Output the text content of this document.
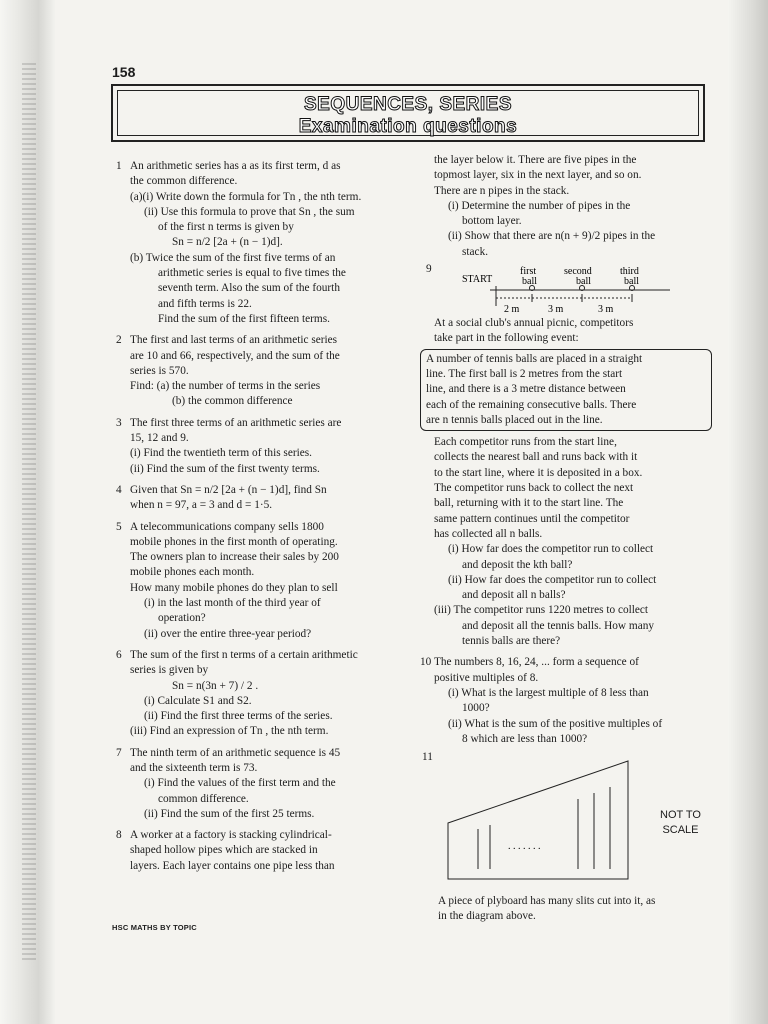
158
SEQUENCES, SERIES
Examination questions

1 An arithmetic series has a as its first term, d as

the common difference.

(a)(i) Write down the formula for Tn , the nth term.

(ii) Use this formula to prove that Sn , the sum

of the first n terms is given by

Sn = n/2 [2a + (n − 1)d].

(b) Twice the sum of the first five terms of an

arithmetic series is equal to five times the

seventh term. Also the sum of the fourth

and fifth terms is 22.

Find the sum of the first fifteen terms.

2 The first and last terms of an arithmetic series

are 10 and 66, respectively, and the sum of the

series is 570.

Find: (a) the number of terms in the series

(b) the common difference

3 The first three terms of an arithmetic series are

15, 12 and 9.

(i) Find the twentieth term of this series.

(ii) Find the sum of the first twenty terms.

4 Given that Sn = n/2 [2a + (n − 1)d], find Sn

when n = 97, a = 3 and d = 1·5.

5 A telecommunications company sells 1800

mobile phones in the first month of operating.

The owners plan to increase their sales by 200

mobile phones each month.

How many mobile phones do they plan to sell

(i) in the last month of the third year of

operation?

(ii) over the entire three-year period?

6 The sum of the first n terms of a certain arithmetic

series is given by

Sn = n(3n + 7) / 2 .

(i) Calculate S1 and S2.

(ii) Find the first three terms of the series.

(iii) Find an expression of Tn , the nth term.

7 The ninth term of an arithmetic sequence is 45

and the sixteenth term is 73.

(i) Find the values of the first term and the

common difference.

(ii) Find the sum of the first 25 terms.

8 A worker at a factory is stacking cylindrical-

shaped hollow pipes which are stacked in

layers. Each layer contains one pipe less than

the layer below it. There are five pipes in the

topmost layer, six in the next layer, and so on.

There are n pipes in the stack.

(i) Determine the number of pipes in the

bottom layer.

(ii) Show that there are n(n + 9)/2 pipes in the

stack.

9
START
first	second	third
ball	ball	ball
2 m	3 m	3 m

At a social club's annual picnic, competitors

take part in the following event:

A number of tennis balls are placed in a straight

line. The first ball is 2 metres from the start

line, and there is a 3 metre distance between

each of the remaining consecutive balls. There

are n tennis balls placed out in the line.

Each competitor runs from the start line,

collects the nearest ball and runs back with it

to the start line, where it is deposited in a box.

The competitor runs back to collect the next

ball, returning with it to the start line. The

same pattern continues until the competitor

has collected all n balls.

(i) How far does the competitor run to collect

and deposit the kth ball?

(ii) How far does the competitor run to collect

and deposit all n balls?

(iii) The competitor runs 1220 metres to collect

and deposit all the tennis balls. How many

tennis balls are there?

10 The numbers 8, 16, 24, ... form a sequence of

positive multiples of 8.

(i) What is the largest multiple of 8 less than

1000?

(ii) What is the sum of the positive multiples of

8 which are less than 1000?

11
. . . . . . .
A piece of plyboard has many slits cut into it, as
in the diagram above.
NOT TO
SCALE
HSC MATHS BY TOPIC
